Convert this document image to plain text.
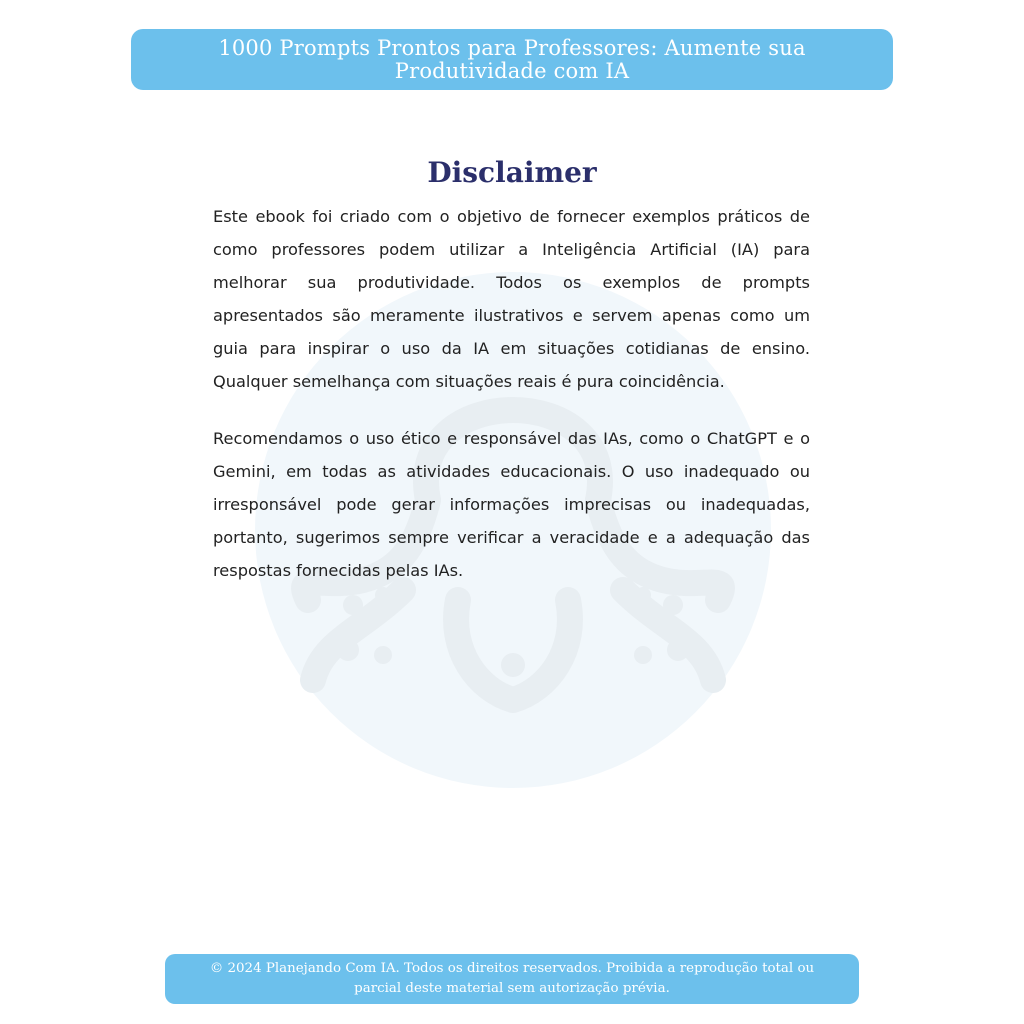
1000 Prompts Prontos para Professores: Aumente sua
Produtividade com IA
Disclaimer

Este ebook foi criado com o objetivo de fornecer exemplos práticos de como professores podem utilizar a Inteligência Artificial (IA) para melhorar sua produtividade. Todos os exemplos de prompts apresentados são meramente ilustrativos e servem apenas como um guia para inspirar o uso da IA em situações cotidianas de ensino. Qualquer semelhança com situações reais é pura coincidência.

Recomendamos o uso ético e responsável das IAs, como o ChatGPT e o Gemini, em todas as atividades educacionais. O uso inadequado ou irresponsável pode gerar informações imprecisas ou inadequadas, portanto, sugerimos sempre verificar a veracidade e a adequação das respostas fornecidas pelas IAs.

© 2024 Planejando Com IA. Todos os direitos reservados. Proibida a reprodução total ou
parcial deste material sem autorização prévia.
